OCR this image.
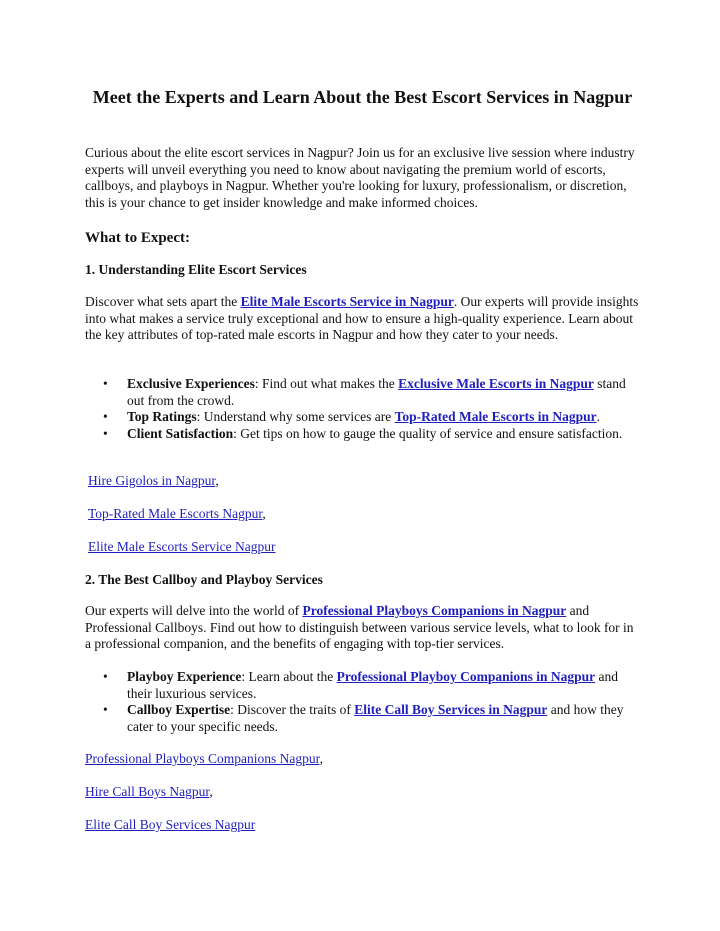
Meet the Experts and Learn About the Best Escort Services in Nagpur

Curious about the elite escort services in Nagpur? Join us for an exclusive live session where industry experts will unveil everything you need to know about navigating the premium world of escorts, callboys, and playboys in Nagpur. Whether you're looking for luxury, professionalism, or discretion, this is your chance to get insider knowledge and make informed choices.

What to Expect:
1. Understanding Elite Escort Services

Discover what sets apart the Elite Male Escorts Service in Nagpur. Our experts will provide insights into what makes a service truly exceptional and how to ensure a high-quality experience. Learn about the key attributes of top-rated male escorts in Nagpur and how they cater to your needs.

• Exclusive Experiences: Find out what makes the Exclusive Male Escorts in Nagpur stand out from the crowd.
• Top Ratings: Understand why some services are Top-Rated Male Escorts in Nagpur.
• Client Satisfaction: Get tips on how to gauge the quality of service and ensure satisfaction.

Hire Gigolos in Nagpur,

Top-Rated Male Escorts Nagpur,

Elite Male Escorts Service Nagpur

2. The Best Callboy and Playboy Services

Our experts will delve into the world of Professional Playboys Companions in Nagpur and Professional Callboys. Find out how to distinguish between various service levels, what to look for in a professional companion, and the benefits of engaging with top-tier services.

• Playboy Experience: Learn about the Professional Playboy Companions in Nagpur and their luxurious services.
• Callboy Expertise: Discover the traits of Elite Call Boy Services in Nagpur and how they cater to your specific needs.

Professional Playboys Companions Nagpur,

Hire Call Boys Nagpur,

Elite Call Boy Services Nagpur
